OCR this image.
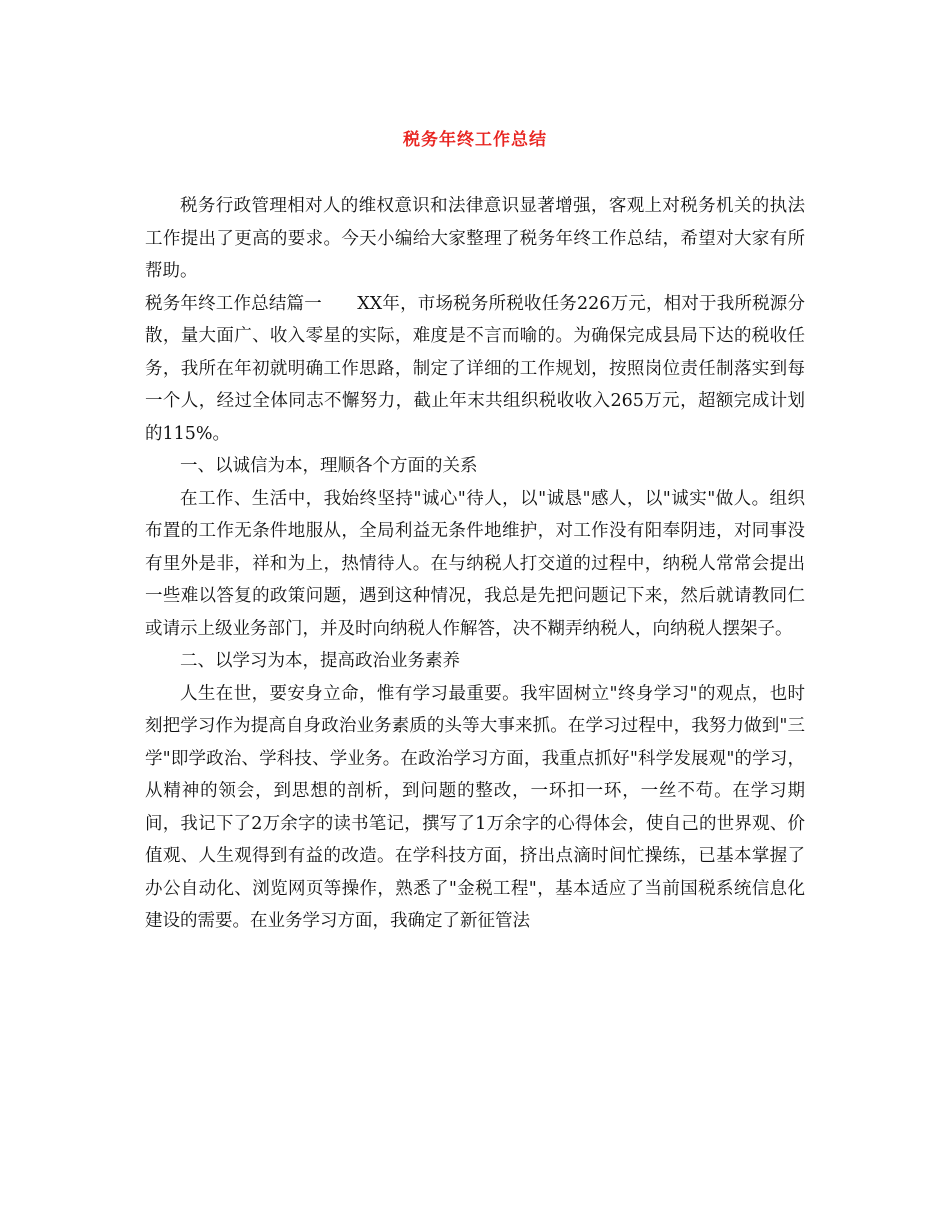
税务年终工作总结

税务行政管理相对人的维权意识和法律意识显著增强，客观上对税务机关的执法工作提出了更高的要求。今天小编给大家整理了税务年终工作总结，希望对大家有所帮助。

税务年终工作总结篇一　　XX年，市场税务所税收任务226万元，相对于我所税源分散，量大面广、收入零星的实际，难度是不言而喻的。为确保完成县局下达的税收任务，我所在年初就明确工作思路，制定了详细的工作规划，按照岗位责任制落实到每一个人，经过全体同志不懈努力，截止年末共组织税收收入265万元，超额完成计划的115%。

一、以诚信为本，理顺各个方面的关系

在工作、生活中，我始终坚持"诚心"待人，以"诚恳"感人，以"诚实"做人。组织布置的工作无条件地服从，全局利益无条件地维护，对工作没有阳奉阴违，对同事没有里外是非，祥和为上，热情待人。在与纳税人打交道的过程中，纳税人常常会提出一些难以答复的政策问题，遇到这种情况，我总是先把问题记下来，然后就请教同仁或请示上级业务部门，并及时向纳税人作解答，决不糊弄纳税人，向纳税人摆架子。

二、以学习为本，提高政治业务素养

人生在世，要安身立命，惟有学习最重要。我牢固树立"终身学习"的观点，也时刻把学习作为提高自身政治业务素质的头等大事来抓。在学习过程中，我努力做到"三学"即学政治、学科技、学业务。在政治学习方面，我重点抓好"科学发展观"的学习，从精神的领会，到思想的剖析，到问题的整改，一环扣一环，一丝不苟。在学习期间，我记下了2万余字的读书笔记，撰写了1万余字的心得体会，使自己的世界观、价值观、人生观得到有益的改造。在学科技方面，挤出点滴时间忙操练，已基本掌握了办公自动化、浏览网页等操作，熟悉了"金税工程"，基本适应了当前国税系统信息化建设的需要。在业务学习方面，我确定了新征管法
